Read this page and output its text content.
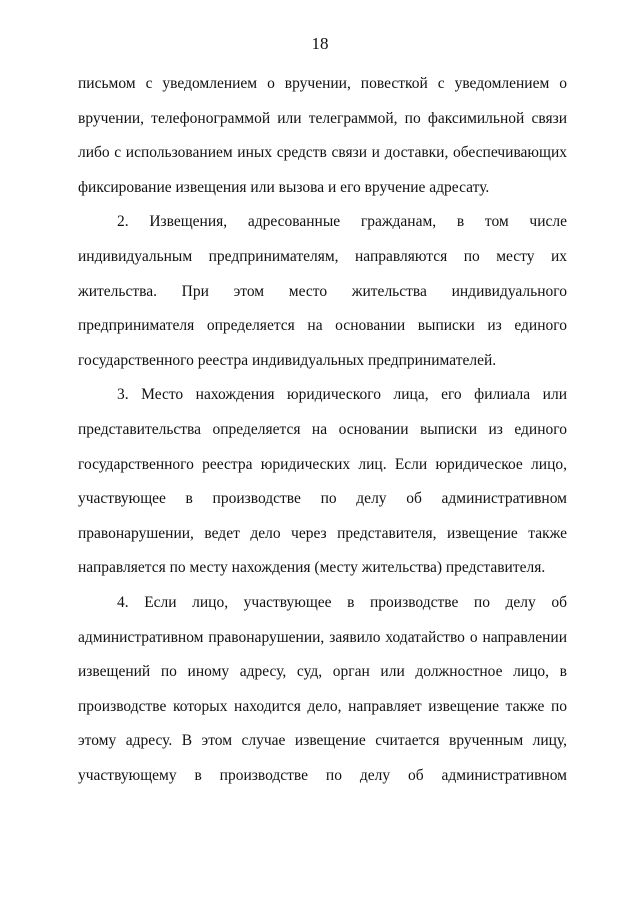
18
письмом с уведомлением о вручении, повесткой с уведомлением о
вручении, телефонограммой или телеграммой, по факсимильной связи
либо с использованием иных средств связи и доставки, обеспечивающих
фиксирование извещения или вызова и его вручение адресату.
2. Извещения, адресованные гражданам, в том числе
индивидуальным предпринимателям, направляются по месту их
жительства. При этом место жительства индивидуального
предпринимателя определяется на основании выписки из единого
государственного реестра индивидуальных предпринимателей.
3. Место нахождения юридического лица, его филиала или
представительства определяется на основании выписки из единого
государственного реестра юридических лиц. Если юридическое лицо,
участвующее в производстве по делу об административном
правонарушении, ведет дело через представителя, извещение также
направляется по месту нахождения (месту жительства) представителя.
4. Если лицо, участвующее в производстве по делу об
административном правонарушении, заявило ходатайство о направлении
извещений по иному адресу, суд, орган или должностное лицо, в
производстве которых находится дело, направляет извещение также по
этому адресу. В этом случае извещение считается врученным лицу,
участвующему в производстве по делу об административном
